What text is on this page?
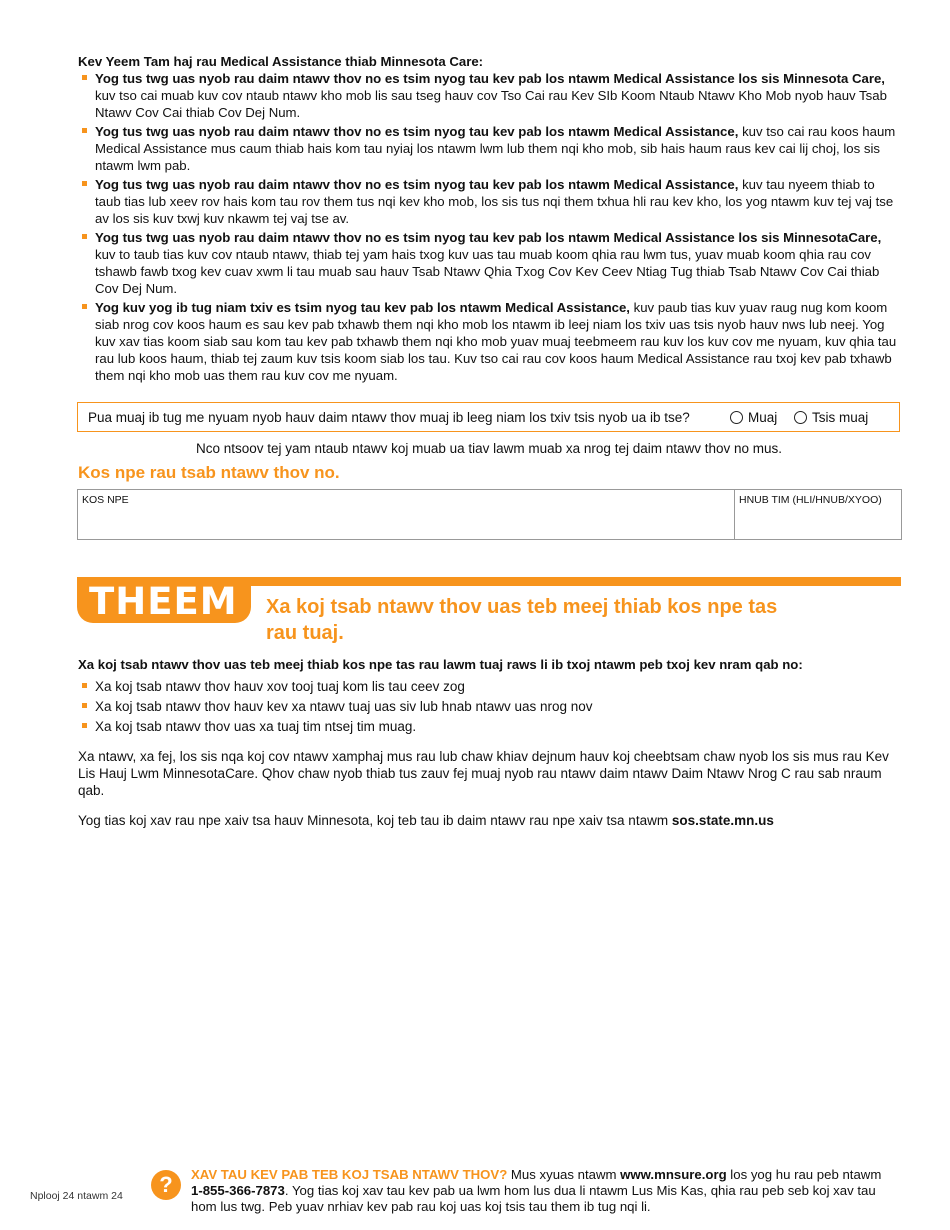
Kev Yeem Tam haj rau Medical Assistance thiab Minnesota Care:
Yog tus twg uas nyob rau daim ntawv thov no es tsim nyog tau kev pab los ntawm Medical Assistance los sis Minnesota Care, kuv tso cai muab kuv cov ntaub ntawv kho mob lis sau tseg hauv cov Tso Cai rau Kev SIb Koom Ntaub Ntawv Kho Mob nyob hauv Tsab Ntawv Cov Cai thiab Cov Dej Num.
Yog tus twg uas nyob rau daim ntawv thov no es tsim nyog tau kev pab los ntawm Medical Assistance, kuv tso cai rau koos haum Medical Assistance mus caum thiab hais kom tau nyiaj los ntawm lwm lub them nqi kho mob, sib hais haum raus kev cai lij choj, los sis ntawm lwm pab.
Yog tus twg uas nyob rau daim ntawv thov no es tsim nyog tau kev pab los ntawm Medical Assistance, kuv tau nyeem thiab to taub tias lub xeev rov hais kom tau rov them tus nqi kev kho mob, los sis tus nqi them txhua hli rau kev kho, los yog ntawm kuv tej vaj tse av los sis kuv txwj kuv nkawm tej vaj tse av.
Yog tus twg uas nyob rau daim ntawv thov no es tsim nyog tau kev pab los ntawm Medical Assistance los sis MinnesotaCare, kuv to taub tias kuv cov ntaub ntawv, thiab tej yam hais txog kuv uas tau muab koom qhia rau lwm tus, yuav muab koom qhia rau cov tshawb fawb txog kev cuav xwm li tau muab sau hauv Tsab Ntawv Qhia Txog Cov Kev Ceev Ntiag Tug thiab Tsab Ntawv Cov Cai thiab Cov Dej Num.
Yog kuv yog ib tug niam txiv es tsim nyog tau kev pab los ntawm Medical Assistance, kuv paub tias kuv yuav raug nug kom koom siab nrog cov koos haum es sau kev pab txhawb them nqi kho mob los ntawm ib leej niam los txiv uas tsis nyob hauv nws lub neej. Yog kuv xav tias koom siab sau kom tau kev pab txhawb them nqi kho mob yuav muaj teebmeem rau kuv los kuv cov me nyuam, kuv qhia tau rau lub koos haum, thiab tej zaum kuv tsis koom siab los tau. Kuv tso cai rau cov koos haum Medical Assistance rau txoj kev pab txhawb them nqi kho mob uas them rau kuv cov me nyuam.
Pua muaj ib tug me nyuam nyob hauv daim ntawv thov muaj ib leeg niam los txiv tsis nyob ua ib tse?	Muaj	Tsis muaj
Nco ntsoov tej yam ntaub ntawv koj muab ua tiav lawm muab xa nrog tej daim ntawv thov no mus.
Kos npe rau tsab ntawv thov no.
KOS NPE	HNUB TIM (HLI/HNUB/XYOO)
THEEM 9
Xa koj tsab ntawv thov uas teb meej thiab kos npe tas rau tuaj.
Xa koj tsab ntawv thov uas teb meej thiab kos npe tas rau lawm tuaj raws li ib txoj ntawm peb txoj kev nram qab no:
Xa koj tsab ntawv thov hauv xov tooj tuaj kom lis tau ceev zog
Xa koj tsab ntawv thov hauv kev xa ntawv tuaj uas siv lub hnab ntawv uas nrog nov
Xa koj tsab ntawv thov uas xa tuaj tim ntsej tim muag.
Xa ntawv, xa fej, los sis nqa koj cov ntawv xamphaj mus rau lub chaw khiav dejnum hauv koj cheebtsam chaw nyob los sis mus rau Kev Lis Hauj Lwm MinnesotaCare. Qhov chaw nyob thiab tus zauv fej muaj nyob rau ntawv daim ntawv Daim Ntawv Nrog C rau sab nraum qab.
Yog tias koj xav rau npe xaiv tsa hauv Minnesota, koj teb tau ib daim ntawv rau npe xaiv tsa ntawm sos.state.mn.us
Nplooj 24 ntawm 24	?	XAV TAU KEV PAB TEB KOJ TSAB NTAWV THOV? Mus xyuas ntawm www.mnsure.org los yog hu rau peb ntawm 1-855-366-7873. Yog tias koj xav tau kev pab ua lwm hom lus dua li ntawm Lus Mis Kas, qhia rau peb seb koj xav tau hom lus twg. Peb yuav nrhiav kev pab rau koj uas koj tsis tau them ib tug nqi li.
